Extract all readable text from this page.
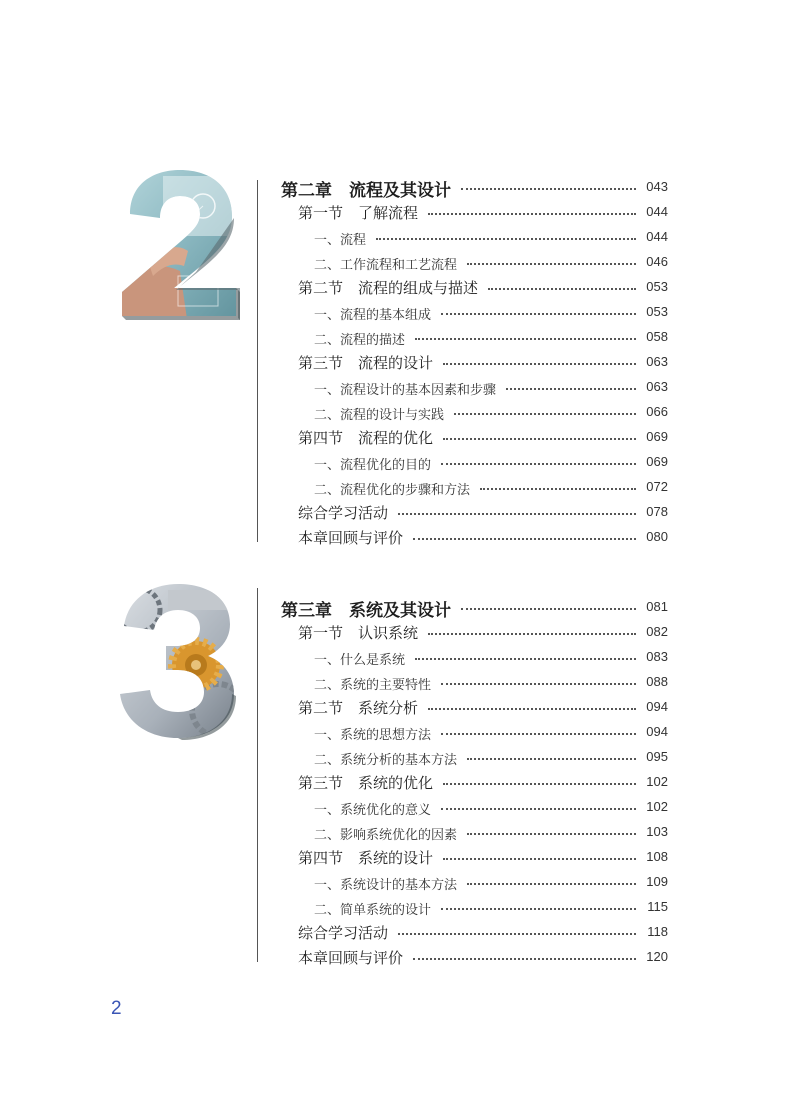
第二章　流程及其设计	043
第一节　了解流程	044
一、流程	044
二、工作流程和工艺流程	046
第二节　流程的组成与描述	053
一、流程的基本组成	053
二、流程的描述	058
第三节　流程的设计	063
一、流程设计的基本因素和步骤	063
二、流程的设计与实践	066
第四节　流程的优化	069
一、流程优化的目的	069
二、流程优化的步骤和方法	072
综合学习活动	078
本章回顾与评价	080
第三章　系统及其设计	081
第一节　认识系统	082
一、什么是系统	083
二、系统的主要特性	088
第二节　系统分析	094
一、系统的思想方法	094
二、系统分析的基本方法	095
第三节　系统的优化	102
一、系统优化的意义	102
二、影响系统优化的因素	103
第四节　系统的设计	108
一、系统设计的基本方法	109
二、简单系统的设计	115
综合学习活动	118
本章回顾与评价	120
2
